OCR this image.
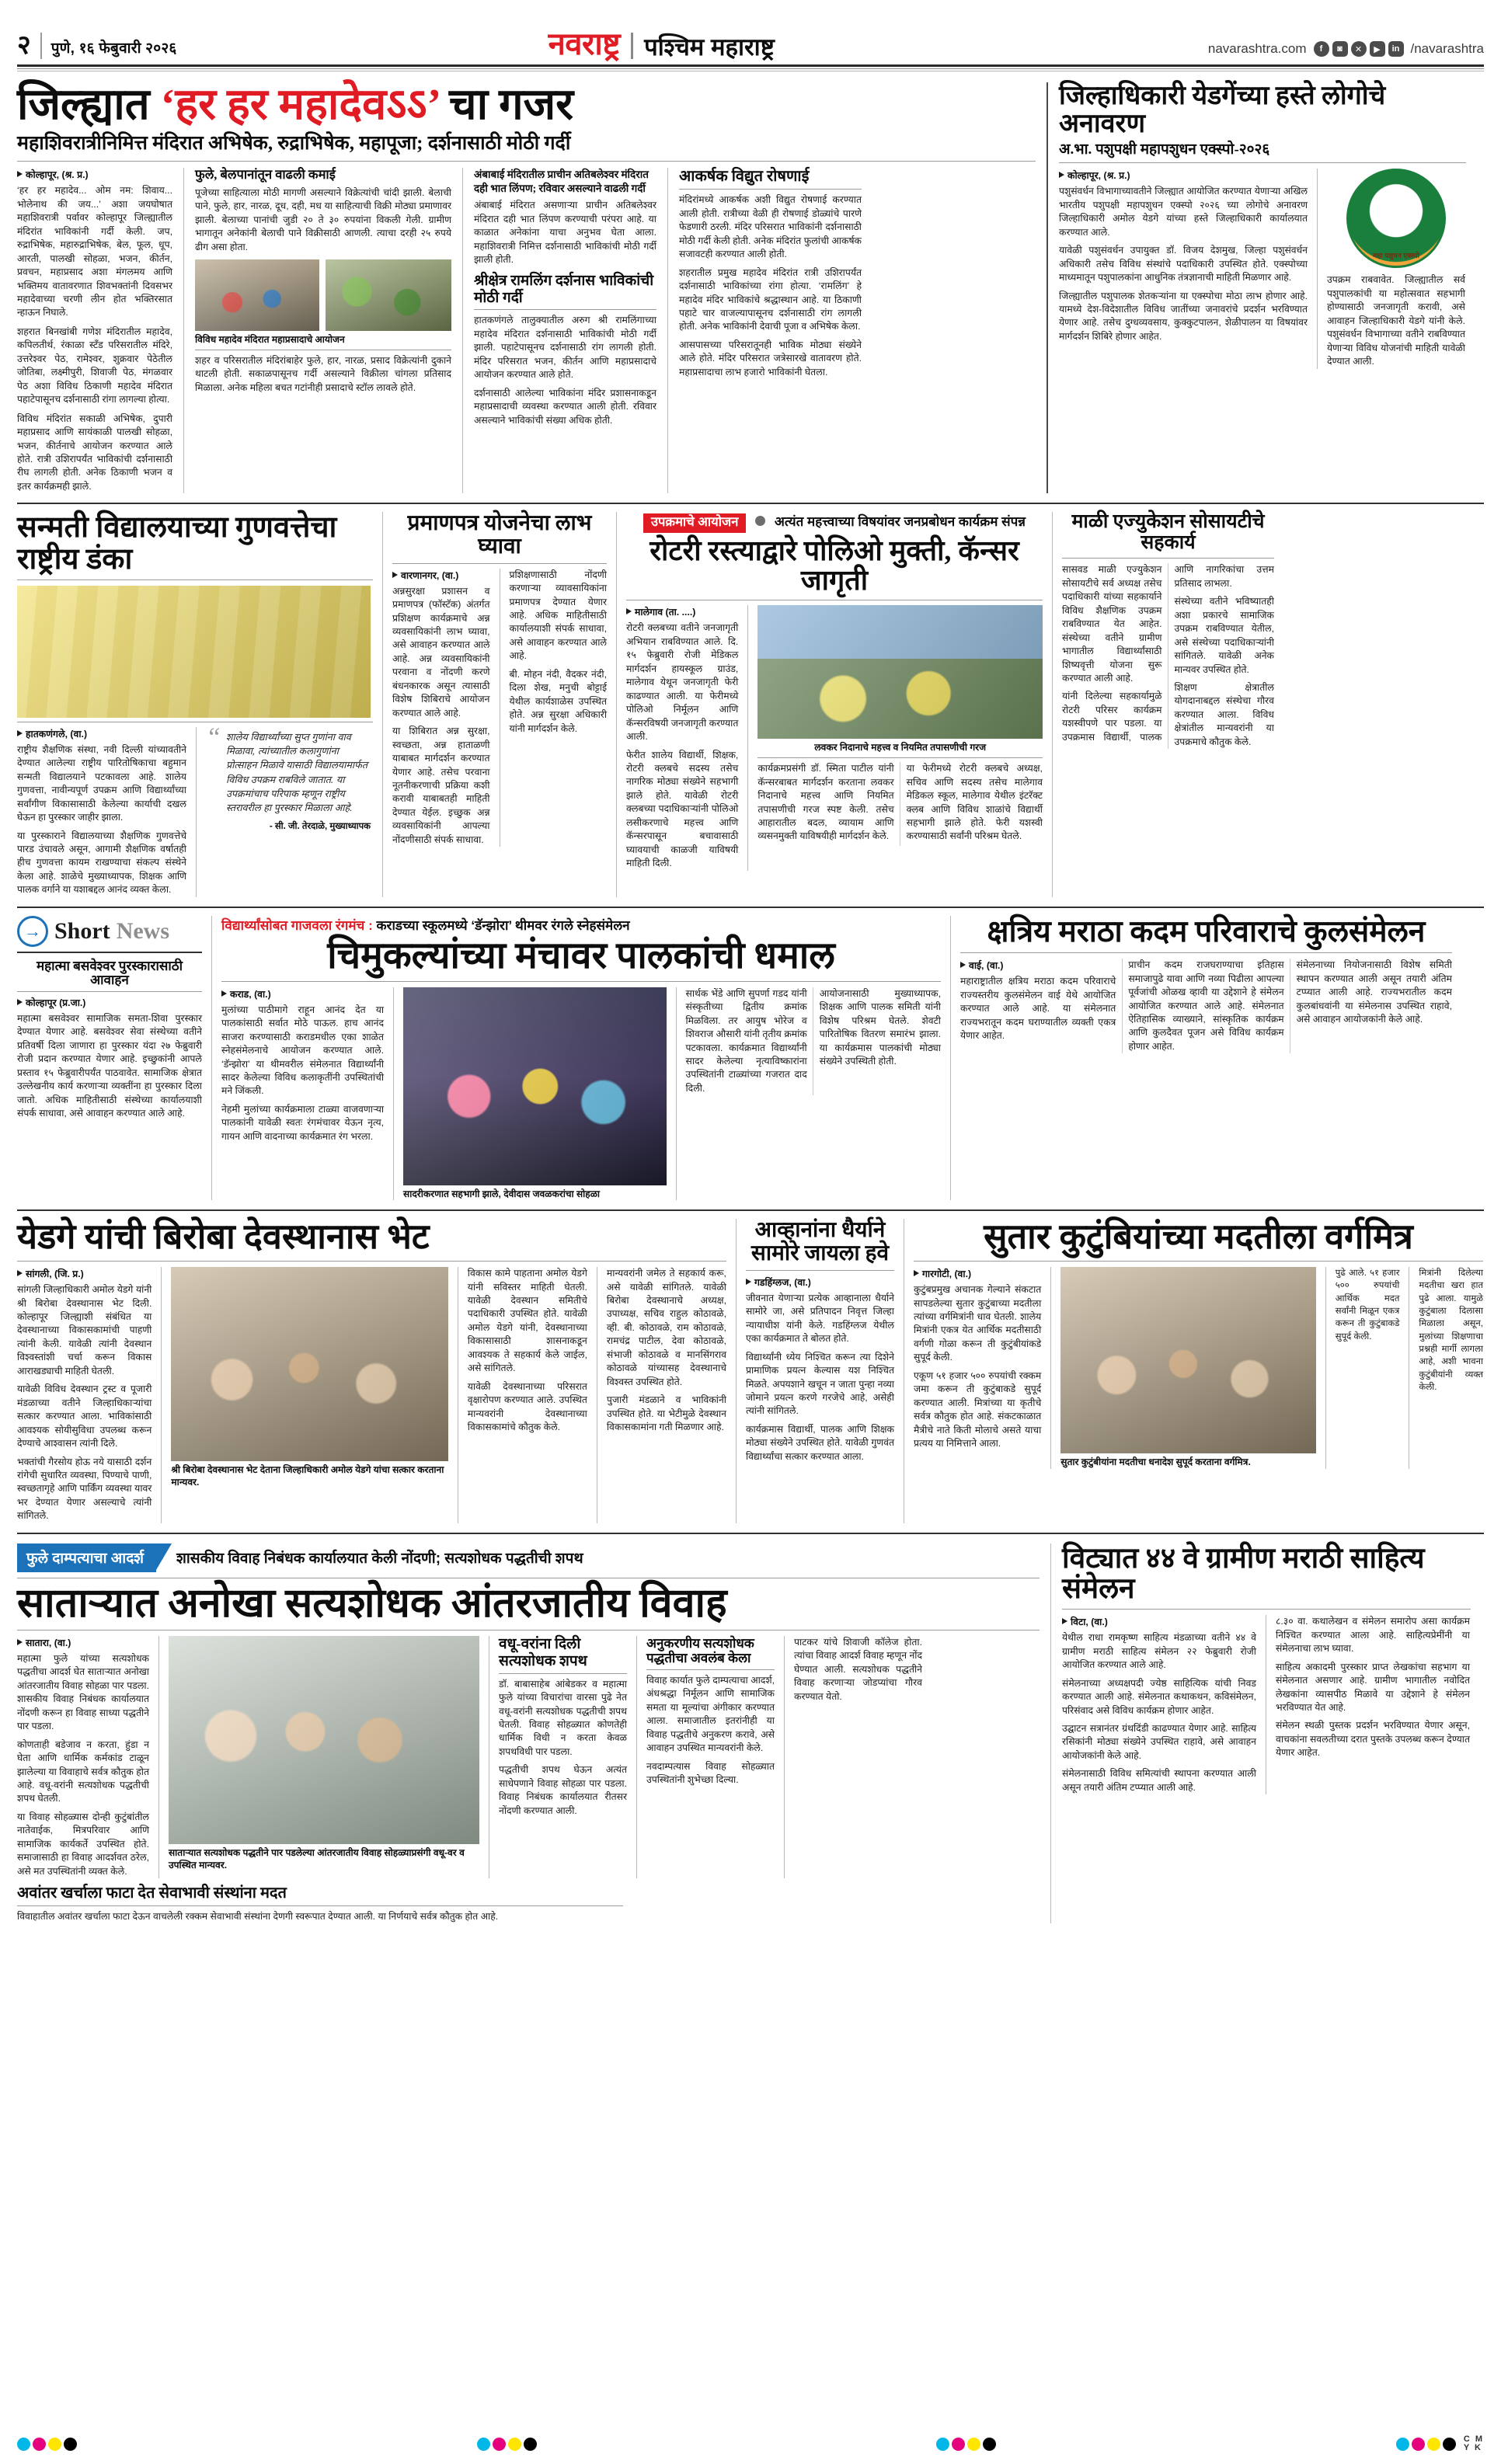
२ पुणे, १६ फेबुवारी २०२६	नवराष्ट्र पश्चिम महाराष्ट्र	navarashtra.com	f	◙	✕	▶	in /navarashtra
जिल्ह्यात ‘हर हर महादेवऽऽ’ चा गजर
महाशिवरात्रीनिमित्त मंदिरात अभिषेक, रुद्राभिषेक, महापूजा; दर्शनासाठी मोठी गर्दी
कोल्हापूर, (श्र. प्र.)

‘हर हर महादेव... ओम नम: शिवाय... भोलेनाथ की जय...’ अशा जयघोषात महाशिवरात्री पर्वावर कोल्हापूर जिल्ह्यातील मंदिरांत भाविकांनी गर्दी केली. जप, रुद्राभिषेक, महारुद्राभिषेक, बेल, फूल, धूप, आरती, पालखी सोहळा, भजन, कीर्तन, प्रवचन, महाप्रसाद अशा मंगलमय आणि भक्तिमय वातावरणात शिवभक्तांनी दिवसभर महादेवाच्या चरणी लीन होत भक्तिरसात न्हाऊन निघाले.

शहरात बिनखांबी गणेश मंदिरातील महादेव, कपिलतीर्थ, रंकाळा स्टँड परिसरातील मंदिरे, उत्तरेश्वर पेठ, रामेश्वर, शुक्रवार पेठेतील जोतिबा, लक्ष्मीपुरी, शिवाजी पेठ, मंगळवार पेठ अशा विविध ठिकाणी महादेव मंदिरात पहाटेपासूनच दर्शनासाठी रांगा लागल्या होत्या.

विविध मंदिरांत सकाळी अभिषेक, दुपारी महाप्रसाद आणि सायंकाळी पालखी सोहळा, भजन, कीर्तनाचे आयोजन करण्यात आले होते. रात्री उशिरापर्यंत भाविकांची दर्शनासाठी रीघ लागली होती. अनेक ठिकाणी भजन व इतर कार्यक्रमही झाले.

फुले, बेलपानांतून वाढली कमाई

पूजेच्या साहित्याला मोठी मागणी असल्याने विक्रेत्यांची चांदी झाली. बेलाची पाने, फुले, हार, नारळ, दूध, दही, मध या साहित्याची विक्री मोठ्या प्रमाणावर झाली. बेलाच्या पानांची जुडी २० ते ३० रुपयांना विकली गेली. ग्रामीण भागातून अनेकांनी बेलाची पाने विक्रीसाठी आणली. त्याचा दरही २५ रुपये ढीग असा होता.

विविध महादेव मंदिरात महाप्रसादाचे आयोजन

शहर व परिसरातील मंदिरांबाहेर फुले, हार, नारळ, प्रसाद विक्रेत्यांनी दुकाने थाटली होती. सकाळपासूनच गर्दी असल्याने विक्रीला चांगला प्रतिसाद मिळाला. अनेक महिला बचत गटांनीही प्रसादाचे स्टॉल लावले होते.

अंबाबाई मंदिरातील प्राचीन अतिबलेश्वर मंदिरात दही भात लिंपण; रविवार असल्याने वाढली गर्दी

अंबाबाई मंदिरात असणाऱ्या प्राचीन अतिबलेश्वर मंदिरात दही भात लिंपण करण्याची परंपरा आहे. या काळात अनेकांना याचा अनुभव घेता आला. महाशिवरात्री निमित्त दर्शनासाठी भाविकांची मोठी गर्दी झाली होती.

श्रीक्षेत्र रामलिंग दर्शनास भाविकांची मोठी गर्दी

हातकणंगले तालुक्यातील अरुग श्री रामलिंगाच्या महादेव मंदिरात दर्शनासाठी भाविकांची मोठी गर्दी झाली. पहाटेपासूनच दर्शनासाठी रांग लागली होती. मंदिर परिसरात भजन, कीर्तन आणि महाप्रसादाचे आयोजन करण्यात आले होते.

दर्शनासाठी आलेल्या भाविकांना मंदिर प्रशासनाकडून महाप्रसादाची व्यवस्था करण्यात आली होती. रविवार असल्याने भाविकांची संख्या अधिक होती.

आकर्षक विद्युत रोषणाई

मंदिरांमध्ये आकर्षक अशी विद्युत रोषणाई करण्यात आली होती. रात्रीच्या वेळी ही रोषणाई डोळ्यांचे पारणे फेडणारी ठरली. मंदिर परिसरात भाविकांनी दर्शनासाठी मोठी गर्दी केली होती. अनेक मंदिरांत फुलांची आकर्षक सजावटही करण्यात आली होती.

शहरातील प्रमुख महादेव मंदिरांत रात्री उशिरापर्यंत दर्शनासाठी भाविकांच्या रांगा होत्या. ‘रामलिंग’ हे महादेव मंदिर भाविकांचे श्रद्धास्थान आहे. या ठिकाणी पहाटे चार वाजल्यापासूनच दर्शनासाठी रांग लागली होती. अनेक भाविकांनी देवाची पूजा व अभिषेक केला.

आसपासच्या परिसरातूनही भाविक मोठ्या संख्येने आले होते. मंदिर परिसरात जत्रेसारखे वातावरण होते. महाप्रसादाचा लाभ हजारो भाविकांनी घेतला.

जिल्हाधिकारी येडगेंच्या हस्ते लोगोचे अनावरण
अ.भा. पशुपक्षी महापशुधन एक्स्पो-२०२६
कोल्हापूर, (श्र. प्र.)

पशुसंवर्धन विभागाच्यावतीने जिल्ह्यात आयोजित करण्यात येणाऱ्या अखिल भारतीय पशुपक्षी महापशुधन एक्स्पो २०२६ च्या लोगोचे अनावरण जिल्हाधिकारी अमोल येडगे यांच्या हस्ते जिल्हाधिकारी कार्यालयात करण्यात आले.

यावेळी पशुसंवर्धन उपायुक्त डॉ. विजय देशमुख, जिल्हा पशुसंवर्धन अधिकारी तसेच विविध संस्थांचे पदाधिकारी उपस्थित होते. एक्स्पोच्या माध्यमातून पशुपालकांना आधुनिक तंत्रज्ञानाची माहिती मिळणार आहे.

जिल्ह्यातील पशुपालक शेतकऱ्यांना या एक्स्पोचा मोठा लाभ होणार आहे. यामध्ये देश-विदेशातील विविध जातींच्या जनावरांचे प्रदर्शन भरविण्यात येणार आहे. तसेच दुग्धव्यवसाय, कुक्कुटपालन, शेळीपालन या विषयांवर मार्गदर्शन शिबिरे होणार आहेत.

महा पशुधन एक्स्पो

उपक्रम राबवावेत. जिल्ह्यातील सर्व पशुपालकांची या महोत्सवात सहभागी होण्यासाठी जनजागृती करावी, असे आवाहन जिल्हाधिकारी येडगे यांनी केले. पशुसंवर्धन विभागाच्या वतीने राबविण्यात येणाऱ्या विविध योजनांची माहिती यावेळी देण्यात आली.

सन्मती विद्यालयाच्या गुणवत्तेचा राष्ट्रीय डंका
हातकणंगले, (वा.)

राष्ट्रीय शैक्षणिक संस्था, नवी दिल्ली यांच्यावतीने देण्यात आलेल्या राष्ट्रीय पारितोषिकाचा बहुमान सन्मती विद्यालयाने पटकावला आहे. शालेय गुणवत्ता, नावीन्यपूर्ण उपक्रम आणि विद्यार्थ्यांच्या सर्वांगीण विकासासाठी केलेल्या कार्याची दखल घेऊन हा पुरस्कार जाहीर झाला.

या पुरस्काराने विद्यालयाच्या शैक्षणिक गुणवत्तेचे पारड उंचावले असून, आगामी शैक्षणिक वर्षातही हीच गुणवत्ता कायम राखण्याचा संकल्प संस्थेने केला आहे. शाळेचे मुख्याध्यापक, शिक्षक आणि पालक वर्गाने या यशाबद्दल आनंद व्यक्त केला.

“ शालेय विद्यार्थ्यांच्या सुप्त गुणांना वाव मिळावा, त्यांच्यातील कलागुणांना प्रोत्साहन मिळावे यासाठी विद्यालयामार्फत विविध उपक्रम राबविले जातात. या उपक्रमांचाच परिपाक म्हणून राष्ट्रीय स्तरावरील हा पुरस्कार मिळाला आहे.
- सी. जी. तेरदाळे, मुख्याध्यापक
प्रमाणपत्र योजनेचा लाभ घ्यावा
वारणानगर, (वा.)

अन्नसुरक्षा प्रशासन व प्रमाणपत्र (फॉस्टॅक) अंतर्गत प्रशिक्षण कार्यक्रमाचे अन्न व्यवसायिकांनी लाभ घ्यावा, असे आवाहन करण्यात आले आहे. अन्न व्यवसायिकांनी परवाना व नोंदणी करणे बंधनकारक असून त्यासाठी विशेष शिबिराचे आयोजन करण्यात आले आहे.

या शिबिरात अन्न सुरक्षा, स्वच्छता, अन्न हाताळणी याबाबत मार्गदर्शन करण्यात येणार आहे. तसेच परवाना नूतनीकरणाची प्रक्रिया कशी करावी याबाबतही माहिती देण्यात येईल. इच्छुक अन्न व्यवसायिकांनी आपल्या नोंदणीसाठी संपर्क साधावा.

प्रशिक्षणासाठी नोंदणी करणाऱ्या व्यावसायिकांना प्रमाणपत्र देण्यात येणार आहे. अधिक माहितीसाठी कार्यालयाशी संपर्क साधावा, असे आवाहन करण्यात आले आहे.

बी. मोहन नंदी, वैदकर नंदी, दिला शेख, मनुची बोट्टाई येथील कार्यशाळेस उपस्थित होते. अन्न सुरक्षा अधिकारी यांनी मार्गदर्शन केले.

उपक्रमाचे आयोजन	अत्यंत महत्त्वाच्या विषयांवर जनप्रबोधन कार्यक्रम संपन्न
रोटरी रस्त्याद्वारे पोलिओ मुक्ती, कॅन्सर जागृती
मालेगाव (ता. ....)

रोटरी क्लबच्या वतीने जनजागृती अभियान राबविण्यात आले. दि. १५ फेब्रुवारी रोजी मेडिकल मार्गदर्शन हायस्कूल ग्राउंड, मालेगाव येथून जनजागृती फेरी काढण्यात आली. या फेरीमध्ये पोलिओ निर्मूलन आणि कॅन्सरविषयी जनजागृती करण्यात आली.

फेरीत शालेय विद्यार्थी, शिक्षक, रोटरी क्लबचे सदस्य तसेच नागरिक मोठ्या संख्येने सहभागी झाले होते. यावेळी रोटरी क्लबच्या पदाधिकाऱ्यांनी पोलिओ लसीकरणाचे महत्त्व आणि कॅन्सरपासून बचावासाठी घ्यावयाची काळजी याविषयी माहिती दिली.

लवकर निदानाचे महत्त्व व नियमित तपासणीची गरज

कार्यक्रमप्रसंगी डॉ. स्मिता पाटील यांनी कॅन्सरबाबत मार्गदर्शन करताना लवकर निदानाचे महत्त्व आणि नियमित तपासणीची गरज स्पष्ट केली. तसेच आहारातील बदल, व्यायाम आणि व्यसनमुक्ती याविषयीही मार्गदर्शन केले.

या फेरीमध्ये रोटरी क्लबचे अध्यक्ष, सचिव आणि सदस्य तसेच मालेगाव मेडिकल स्कूल, मालेगाव येथील इंटरॅक्ट क्लब आणि विविध शाळांचे विद्यार्थी सहभागी झाले होते. फेरी यशस्वी करण्यासाठी सर्वांनी परिश्रम घेतले.

माळी एज्युकेशन सोसायटीचे सहकार्य

सासवड माळी एज्युकेशन सोसायटीचे सर्व अध्यक्ष तसेच पदाधिकारी यांच्या सहकार्याने विविध शैक्षणिक उपक्रम राबविण्यात येत आहेत. संस्थेच्या वतीने ग्रामीण भागातील विद्यार्थ्यांसाठी शिष्यवृत्ती योजना सुरू करण्यात आली आहे.

यांनी दिलेल्या सहकार्यामुळे रोटरी परिसर कार्यक्रम यशस्वीपणे पार पडला. या उपक्रमास विद्यार्थी, पालक आणि नागरिकांचा उत्तम प्रतिसाद लाभला.

संस्थेच्या वतीने भविष्यातही अशा प्रकारचे सामाजिक उपक्रम राबविण्यात येतील, असे संस्थेच्या पदाधिकाऱ्यांनी सांगितले. यावेळी अनेक मान्यवर उपस्थित होते.

शिक्षण क्षेत्रातील योगदानाबद्दल संस्थेचा गौरव करण्यात आला. विविध क्षेत्रांतील मान्यवरांनी या उपक्रमाचे कौतुक केले.

→ Short News
महात्मा बसवेश्वर पुरस्कारासाठी आवाहन
कोल्हापूर (प्र.जा.)

महात्मा बसवेश्वर सामाजिक समता-शिवा पुरस्कार देण्यात येणार आहे. बसवेश्वर सेवा संस्थेच्या वतीने प्रतिवर्षी दिला जाणारा हा पुरस्कार यंदा २७ फेब्रुवारी रोजी प्रदान करण्यात येणार आहे. इच्छुकांनी आपले प्रस्ताव १५ फेब्रुवारीपर्यंत पाठवावेत. सामाजिक क्षेत्रात उल्लेखनीय कार्य करणाऱ्या व्यक्तींना हा पुरस्कार दिला जातो. अधिक माहितीसाठी संस्थेच्या कार्यालयाशी संपर्क साधावा, असे आवाहन करण्यात आले आहे.

विद्यार्थ्यांसोबत गाजवला रंगमंच : कराडच्या स्कूलमध्ये ‘डॅन्झोरा’ थीमवर रंगले स्नेहसंमेलन
चिमुकल्यांच्या मंचावर पालकांची धमाल
कराड, (वा.)

मुलांच्या पाठीमागे राहून आनंद देत या पालकांसाठी सर्वात मोठे पाऊल. हाच आनंद साजरा करण्यासाठी कराडमधील एका शाळेत स्नेहसंमेलनाचे आयोजन करण्यात आले. ‘डॅन्झोरा’ या थीमवरील संमेलनात विद्यार्थ्यांनी सादर केलेल्या विविध कलाकृतींनी उपस्थितांची मने जिंकली.

नेहमी मुलांच्या कार्यक्रमाला टाळ्या वाजवणाऱ्या पालकांनी यावेळी स्वतः रंगमंचावर येऊन नृत्य, गायन आणि वादनाच्या कार्यक्रमात रंग भरला.

सादरीकरणात सहभागी झाले, देवीदास जवळकरांचा सोहळा

सार्थक भेंडे आणि सुपर्णा गडद यांनी संस्कृतीच्या द्वितीय क्रमांक मिळविला. तर आयुष भोरेज व शिवराज औसारी यांनी तृतीय क्रमांक पटकावला. कार्यक्रमात विद्यार्थ्यांनी सादर केलेल्या नृत्याविष्कारांना उपस्थितांनी टाळ्यांच्या गजरात दाद दिली.

आयोजनासाठी मुख्याध्यापक, शिक्षक आणि पालक समिती यांनी विशेष परिश्रम घेतले. शेवटी पारितोषिक वितरण समारंभ झाला. या कार्यक्रमास पालकांची मोठ्या संख्येने उपस्थिती होती.

क्षत्रिय मराठा कदम परिवाराचे कुलसंमेलन
वाई, (वा.)

महाराष्ट्रातील क्षत्रिय मराठा कदम परिवाराचे राज्यस्तरीय कुलसंमेलन वाई येथे आयोजित करण्यात आले आहे. या संमेलनात राज्यभरातून कदम घराण्यातील व्यक्ती एकत्र येणार आहेत.

प्राचीन कदम राजघराण्याचा इतिहास समाजापुढे यावा आणि नव्या पिढीला आपल्या पूर्वजांची ओळख व्हावी या उद्देशाने हे संमेलन आयोजित करण्यात आले आहे. संमेलनात ऐतिहासिक व्याख्याने, सांस्कृतिक कार्यक्रम आणि कुलदैवत पूजन असे विविध कार्यक्रम होणार आहेत.

संमेलनाच्या नियोजनासाठी विशेष समिती स्थापन करण्यात आली असून तयारी अंतिम टप्प्यात आली आहे. राज्यभरातील कदम कुलबांधवांनी या संमेलनास उपस्थित राहावे, असे आवाहन आयोजकांनी केले आहे.

येडगे यांची बिरोबा देवस्थानास भेट
सांगली, (जि. प्र.)

सांगली जिल्हाधिकारी अमोल येडगे यांनी श्री बिरोबा देवस्थानास भेट दिली. कोल्हापूर जिल्ह्याशी संबंधित या देवस्थानाच्या विकासकामांची पाहणी त्यांनी केली. यावेळी त्यांनी देवस्थान विश्वस्तांशी चर्चा करून विकास आराखड्याची माहिती घेतली.

यावेळी विविध देवस्थान ट्रस्ट व पूजारी मंडळाच्या वतीने जिल्हाधिकाऱ्यांचा सत्कार करण्यात आला. भाविकांसाठी आवश्यक सोयीसुविधा उपलब्ध करून देण्याचे आश्वासन त्यांनी दिले.

भक्तांची गैरसोय होऊ नये यासाठी दर्शन रांगेची सुधारित व्यवस्था, पिण्याचे पाणी, स्वच्छतागृहे आणि पार्किंग व्यवस्था यावर भर देण्यात येणार असल्याचे त्यांनी सांगितले.

श्री बिरोबा देवस्थानास भेट देताना जिल्हाधिकारी अमोल येडगे यांचा सत्कार करताना मान्यवर.

विकास कामे पाहताना अमोल येडगे यांनी सविस्तर माहिती घेतली. यावेळी देवस्थान समितीचे पदाधिकारी उपस्थित होते. यावेळी अमोल येडगे यांनी, देवस्थानाच्या विकासासाठी शासनाकडून आवश्यक ते सहकार्य केले जाईल, असे सांगितले.

यावेळी देवस्थानाच्या परिसरात वृक्षारोपण करण्यात आले. उपस्थित मान्यवरांनी देवस्थानाच्या विकासकामांचे कौतुक केले.

मान्यवरांनी जमेल ते सहकार्य करू, असे यावेळी सांगितले. यावेळी बिरोबा देवस्थानाचे अध्यक्ष, उपाध्यक्ष, सचिव राहुल कोठावळे, व्ही. बी. कोठावळे, राम कोठावळे, रामचंद्र पाटील, देवा कोठावळे, संभाजी कोठावळे व मानसिंगराव कोठावळे यांच्यासह देवस्थानाचे विश्वस्त उपस्थित होते.

पुजारी मंडळाने व भाविकांनी उपस्थित होते. या भेटीमुळे देवस्थान विकासकामांना गती मिळणार आहे.

आव्हानांना धैर्याने सामोरे जायला हवे
गडहिंग्लज, (वा.)

जीवनात येणाऱ्या प्रत्येक आव्हानाला धैर्याने सामोरे जा, असे प्रतिपादन निवृत्त जिल्हा न्यायाधीश यांनी केले. गडहिंग्लज येथील एका कार्यक्रमात ते बोलत होते.

विद्यार्थ्यांनी ध्येय निश्चित करून त्या दिशेने प्रामाणिक प्रयत्न केल्यास यश निश्चित मिळते. अपयशाने खचून न जाता पुन्हा नव्या जोमाने प्रयत्न करणे गरजेचे आहे, असेही त्यांनी सांगितले.

कार्यक्रमास विद्यार्थी, पालक आणि शिक्षक मोठ्या संख्येने उपस्थित होते. यावेळी गुणवंत विद्यार्थ्यांचा सत्कार करण्यात आला.

सुतार कुटुंबियांच्या मदतीला वर्गमित्र
गारगोटी, (वा.)

कुटुंबप्रमुख अचानक गेल्याने संकटात सापडलेल्या सुतार कुटुंबाच्या मदतीला त्यांच्या वर्गमित्रांनी धाव घेतली. शालेय मित्रांनी एकत्र येत आर्थिक मदतीसाठी वर्गणी गोळा करून ती कुटुंबीयांकडे सुपूर्द केली.

एकूण ५१ हजार ५०० रुपयांची रक्कम जमा करून ती कुटुंबाकडे सुपूर्द करण्यात आली. मित्रांच्या या कृतीचे सर्वत्र कौतुक होत आहे. संकटकाळात मैत्रीचे नाते किती मोलाचे असते याचा प्रत्यय या निमित्ताने आला.

सुतार कुटुंबीयांना मदतीचा धनादेश सुपूर्द करताना वर्गमित्र.

पुढे आले. ५१ हजार ५०० रुपयांची आर्थिक मदत सर्वांनी मिळून एकत्र करून ती कुटुंबाकडे सुपूर्द केली.

मित्रांनी दिलेल्या मदतीचा खरा हात पुढे आला. यामुळे कुटुंबाला दिलासा मिळाला असून, मुलांच्या शिक्षणाचा प्रश्नही मार्गी लागला आहे, अशी भावना कुटुंबीयांनी व्यक्त केली.

फुले दाम्पत्याचा आदर्श	शासकीय विवाह निबंधक कार्यालयात केली नोंदणी; सत्यशोधक पद्धतीची शपथ
साताऱ्यात अनोखा सत्यशोधक आंतरजातीय विवाह
सातारा, (वा.)

महात्मा फुले यांच्या सत्यशोधक पद्धतीचा आदर्श घेत साताऱ्यात अनोखा आंतरजातीय विवाह सोहळा पार पडला. शासकीय विवाह निबंधक कार्यालयात नोंदणी करून हा विवाह साध्या पद्धतीने पार पडला.

कोणताही बडेजाव न करता, हुंडा न घेता आणि धार्मिक कर्मकांड टाळून झालेल्या या विवाहाचे सर्वत्र कौतुक होत आहे. वधू-वरांनी सत्यशोधक पद्धतीची शपथ घेतली.

या विवाह सोहळ्यास दोन्ही कुटुंबांतील नातेवाईक, मित्रपरिवार आणि सामाजिक कार्यकर्ते उपस्थित होते. समाजासाठी हा विवाह आदर्शवत ठरेल, असे मत उपस्थितांनी व्यक्त केले.

साताऱ्यात सत्यशोधक पद्धतीने पार पडलेल्या आंतरजातीय विवाह सोहळ्याप्रसंगी वधू-वर व उपस्थित मान्यवर.
वधू-वरांना दिली सत्यशोधक शपथ

डॉ. बाबासाहेब आंबेडकर व महात्मा फुले यांच्या विचारांचा वारसा पुढे नेत वधू-वरांनी सत्यशोधक पद्धतीची शपथ घेतली. विवाह सोहळ्यात कोणतेही धार्मिक विधी न करता केवळ शपथविधी पार पडला.

पद्धतीची शपथ घेऊन अत्यंत साधेपणाने विवाह सोहळा पार पडला. विवाह निबंधक कार्यालयात रीतसर नोंदणी करण्यात आली.

अनुकरणीय सत्यशोधक पद्धतीचा अवलंब केला

विवाह कार्यात फुले दाम्पत्याचा आदर्श, अंधश्रद्धा निर्मूलन आणि सामाजिक समता या मूल्यांचा अंगीकार करण्यात आला. समाजातील इतरांनीही या विवाह पद्धतीचे अनुकरण करावे, असे आवाहन उपस्थित मान्यवरांनी केले.

नवदाम्पत्यास विवाह सोहळ्यात उपस्थितांनी शुभेच्छा दिल्या.

पाटकर यांचे शिवाजी कॉलेज होता. त्यांचा विवाह आदर्श विवाह म्हणून नोंद घेण्यात आली. सत्यशोधक पद्धतीने विवाह करणाऱ्या जोडप्यांचा गौरव करण्यात येतो.

अवांतर खर्चाला फाटा देत सेवाभावी संस्थांना मदत

विवाहातील अवांतर खर्चाला फाटा देऊन वाचलेली रक्कम सेवाभावी संस्थांना देणगी स्वरूपात देण्यात आली. या निर्णयाचे सर्वत्र कौतुक होत आहे.

विट्यात ४४ वे ग्रामीण मराठी साहित्य संमेलन
विटा, (वा.)

येथील राधा रामकृष्ण साहित्य मंडळाच्या वतीने ४४ वे ग्रामीण मराठी साहित्य संमेलन २२ फेब्रुवारी रोजी आयोजित करण्यात आले आहे.

संमेलनाच्या अध्यक्षपदी ज्येष्ठ साहित्यिक यांची निवड करण्यात आली आहे. संमेलनात कथाकथन, कविसंमेलन, परिसंवाद असे विविध कार्यक्रम होणार आहेत.

उद्घाटन सत्रानंतर ग्रंथदिंडी काढण्यात येणार आहे. साहित्य रसिकांनी मोठ्या संख्येने उपस्थित राहावे, असे आवाहन आयोजकांनी केले आहे.

संमेलनासाठी विविध समित्यांची स्थापना करण्यात आली असून तयारी अंतिम टप्प्यात आली आहे.

८.३० वा. कथालेखन व संमेलन समारोप असा कार्यक्रम निश्चित करण्यात आला आहे. साहित्यप्रेमींनी या संमेलनाचा लाभ घ्यावा.

साहित्य अकादमी पुरस्कार प्राप्त लेखकांचा सहभाग या संमेलनात असणार आहे. ग्रामीण भागातील नवोदित लेखकांना व्यासपीठ मिळावे या उद्देशाने हे संमेलन भरविण्यात येत आहे.

संमेलन स्थळी पुस्तक प्रदर्शन भरविण्यात येणार असून, वाचकांना सवलतीच्या दरात पुस्तके उपलब्ध करून देण्यात येणार आहेत.

C M
Y K
